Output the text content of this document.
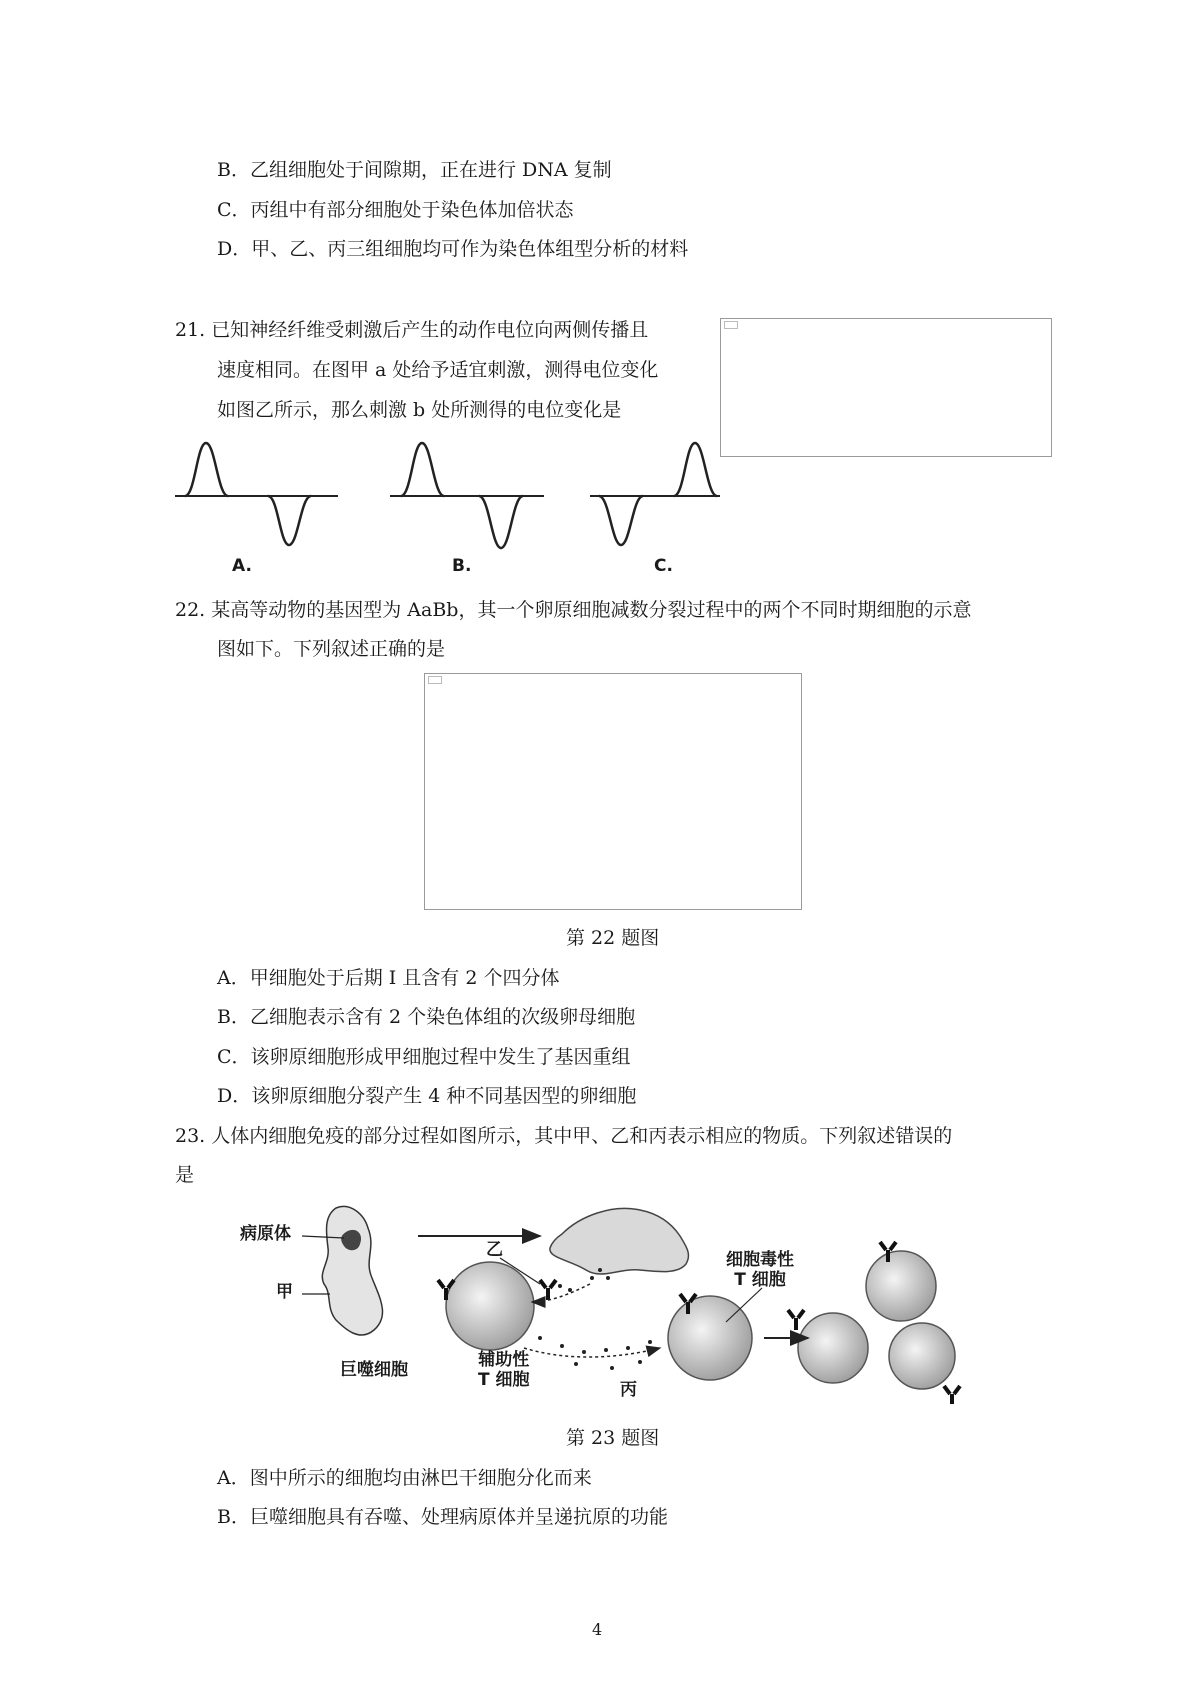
B．乙组细胞处于间隙期，正在进行 DNA 复制
C．丙组中有部分细胞处于染色体加倍状态
D．甲、乙、丙三组细胞均可作为染色体组型分析的材料
21. 已知神经纤维受刺激后产生的动作电位向两侧传播且
速度相同。在图甲 a 处给予适宜刺激，测得电位变化
如图乙所示，那么刺激 b 处所测得的电位变化是
A.	B.	C.
22. 某高等动物的基因型为 AaBb，其一个卵原细胞减数分裂过程中的两个不同时期细胞的示意
图如下。下列叙述正确的是
第 22 题图
A．甲细胞处于后期 I 且含有 2 个四分体
B．乙细胞表示含有 2 个染色体组的次级卵母细胞
C．该卵原细胞形成甲细胞过程中发生了基因重组
D．该卵原细胞分裂产生 4 种不同基因型的卵细胞
23. 人体内细胞免疫的部分过程如图所示，其中甲、乙和丙表示相应的物质。下列叙述错误的
是
病原体
甲
巨噬细胞
乙
辅助性
T 细胞
细胞毒性
T 细胞
丙
第 23 题图
A．图中所示的细胞均由淋巴干细胞分化而来
B．巨噬细胞具有吞噬、处理病原体并呈递抗原的功能
4
